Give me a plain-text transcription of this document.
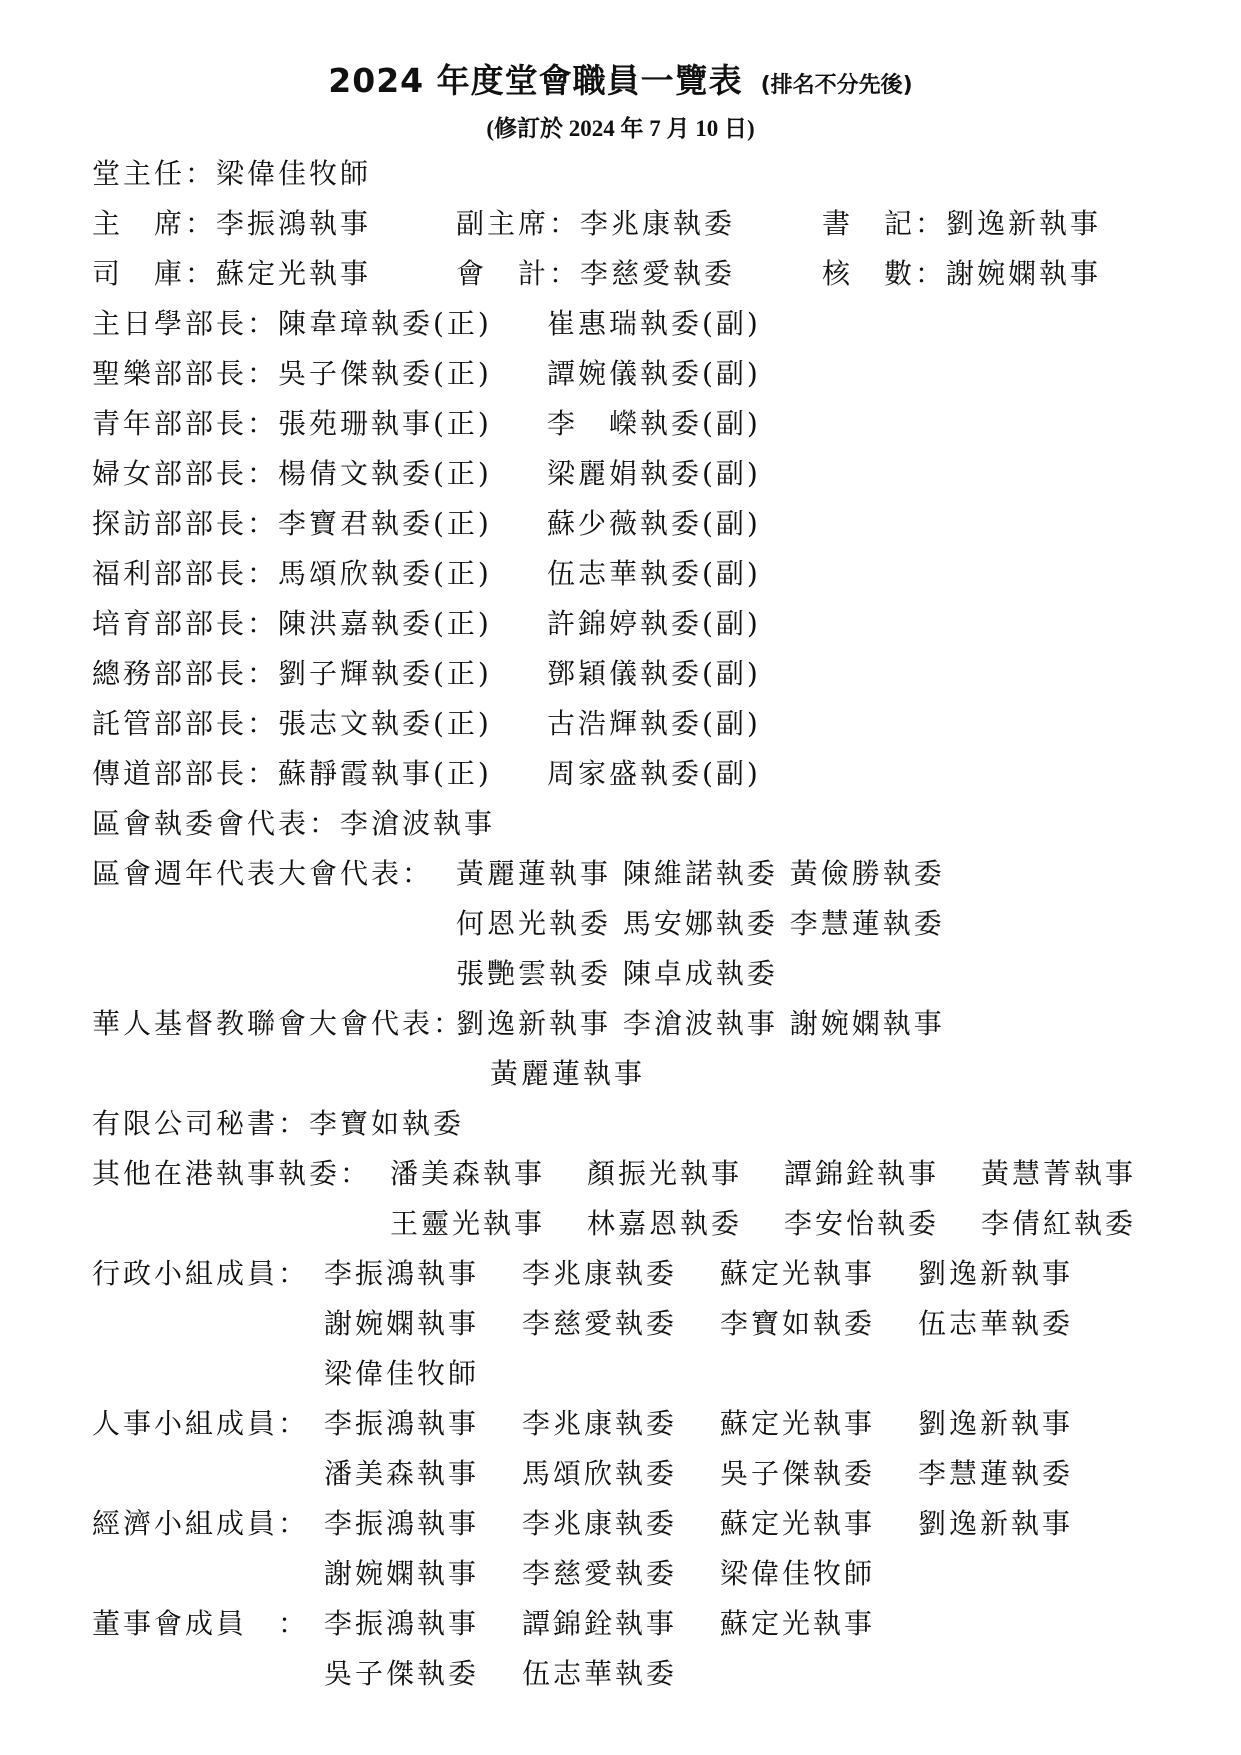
2024 年度堂會職員一覽表 (排名不分先後)
(修訂於 2024 年 7 月 10 日)
堂主任：梁偉佳牧師
主　席：李振鴻執事	副主席：李兆康執委	書　記：劉逸新執事
司　庫：蘇定光執事	會　計：李慈愛執委	核　數：謝婉嫻執事
主日學部長：陳韋璋執委(正) 崔惠瑞執委(副)
聖樂部部長：吳子傑執委(正) 譚婉儀執委(副)
青年部部長：張苑珊執事(正) 李　嶸執委(副)
婦女部部長：楊倩文執委(正) 梁麗娟執委(副)
探訪部部長：李寶君執委(正) 蘇少薇執委(副)
福利部部長：馬頌欣執委(正) 伍志華執委(副)
培育部部長：陳洪嘉執委(正) 許錦婷執委(副)
總務部部長：劉子輝執委(正) 鄧穎儀執委(副)
託管部部長：張志文執委(正) 古浩輝執委(副)
傳道部部長：蘇靜霞執事(正) 周家盛執委(副)
區會執委會代表：李滄波執事
區會週年代表大會代表： 黃麗蓮執事 陳維諾執委 黃儉勝執委
何恩光執委 馬安娜執委 李慧蓮執委
張艷雲執委 陳卓成執委
華人基督教聯會大會代表：
劉逸新執事 李滄波執事 謝婉嫻執事
黃麗蓮執事
有限公司秘書：李寶如執委
其他在港執事執委： 潘美森執事 顏振光執事 譚錦銓執事 黃慧菁執事
王靈光執事 林嘉恩執委 李安怡執委 李倩紅執委
行政小組成員： 李振鴻執事 李兆康執委 蘇定光執事 劉逸新執事
謝婉嫻執事 李慈愛執委 李寶如執委 伍志華執委
梁偉佳牧師
人事小組成員： 李振鴻執事 李兆康執委 蘇定光執事 劉逸新執事
潘美森執事 馬頌欣執委 吳子傑執委 李慧蓮執委
經濟小組成員： 李振鴻執事 李兆康執委 蘇定光執事 劉逸新執事
謝婉嫻執事 李慈愛執委 梁偉佳牧師
董事會成員　： 李振鴻執事 譚錦銓執事 蘇定光執事
吳子傑執委 伍志華執委
